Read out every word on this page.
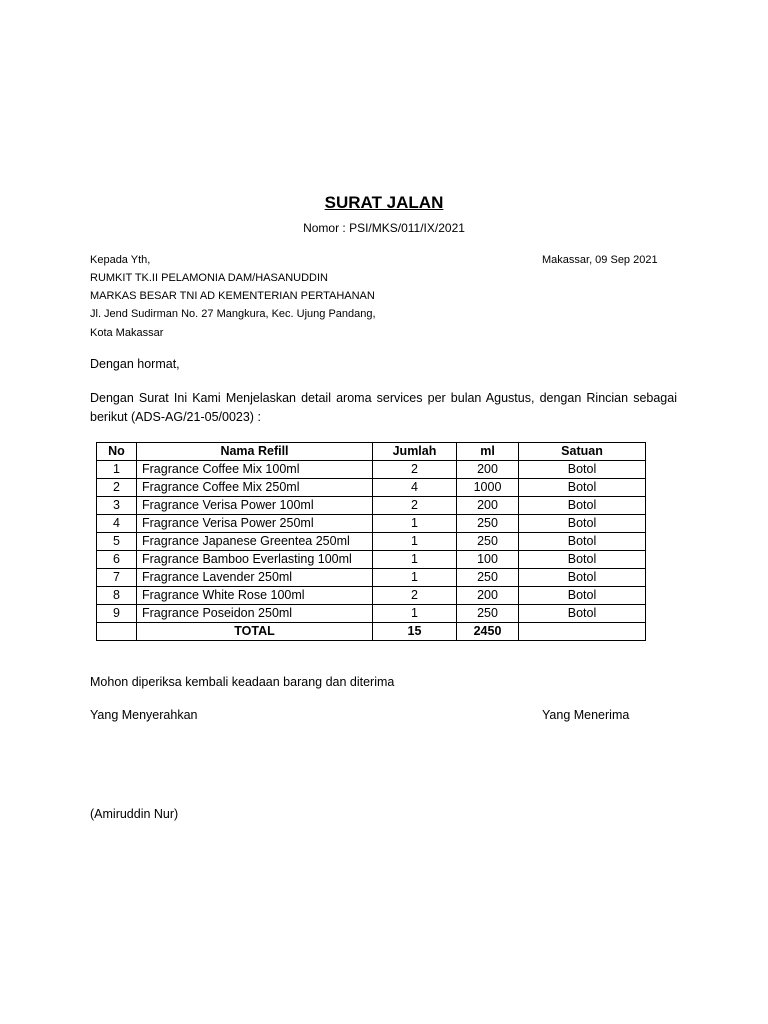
SURAT JALAN
Nomor : PSI/MKS/011/IX/2021
Kepada Yth,	Makassar, 09 Sep 2021
RUMKIT TK.II PELAMONIA DAM/HASANUDDIN
MARKAS BESAR TNI AD KEMENTERIAN PERTAHANAN
Jl. Jend Sudirman No. 27 Mangkura, Kec. Ujung Pandang,
Kota Makassar
Dengan hormat,
Dengan Surat Ini Kami Menjelaskan detail aroma services per bulan Agustus, dengan Rincian sebagai berikut (ADS-AG/21-05/0023) :
No	Nama Refill	Jumlah	ml	Satuan
1	Fragrance Coffee Mix 100ml	2	200	Botol
2	Fragrance Coffee Mix 250ml	4	1000	Botol
3	Fragrance Verisa Power 100ml	2	200	Botol
4	Fragrance Verisa Power 250ml	1	250	Botol
5	Fragrance Japanese Greentea 250ml	1	250	Botol
6	Fragrance Bamboo Everlasting 100ml	1	100	Botol
7	Fragrance Lavender 250ml	1	250	Botol
8	Fragrance White Rose 100ml	2	200	Botol
9	Fragrance Poseidon 250ml	1	250	Botol
	TOTAL	15	2450	
Mohon diperiksa kembali keadaan barang dan diterima
Yang Menyerahkan	Yang Menerima
(Amiruddin Nur)
